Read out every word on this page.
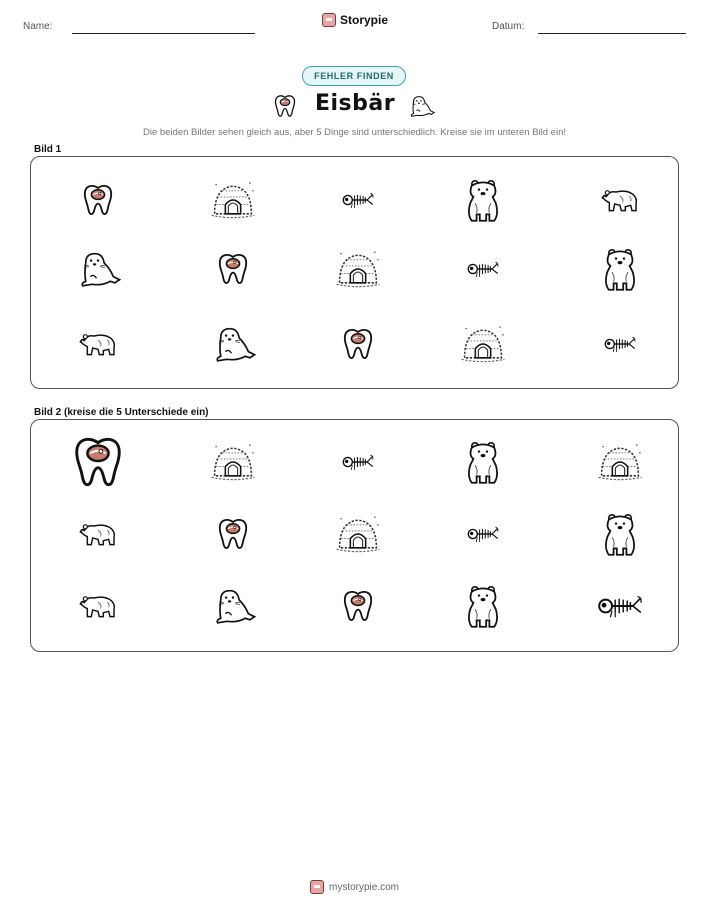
Name:	Storypie	Datum:
FEHLER FINDEN
Eisbär
Die beiden Bilder sehen gleich aus, aber 5 Dinge sind unterschiedlich. Kreise sie im unteren Bild ein!
Bild 1
Bild 2 (kreise die 5 Unterschiede ein)
mystorypie.com
